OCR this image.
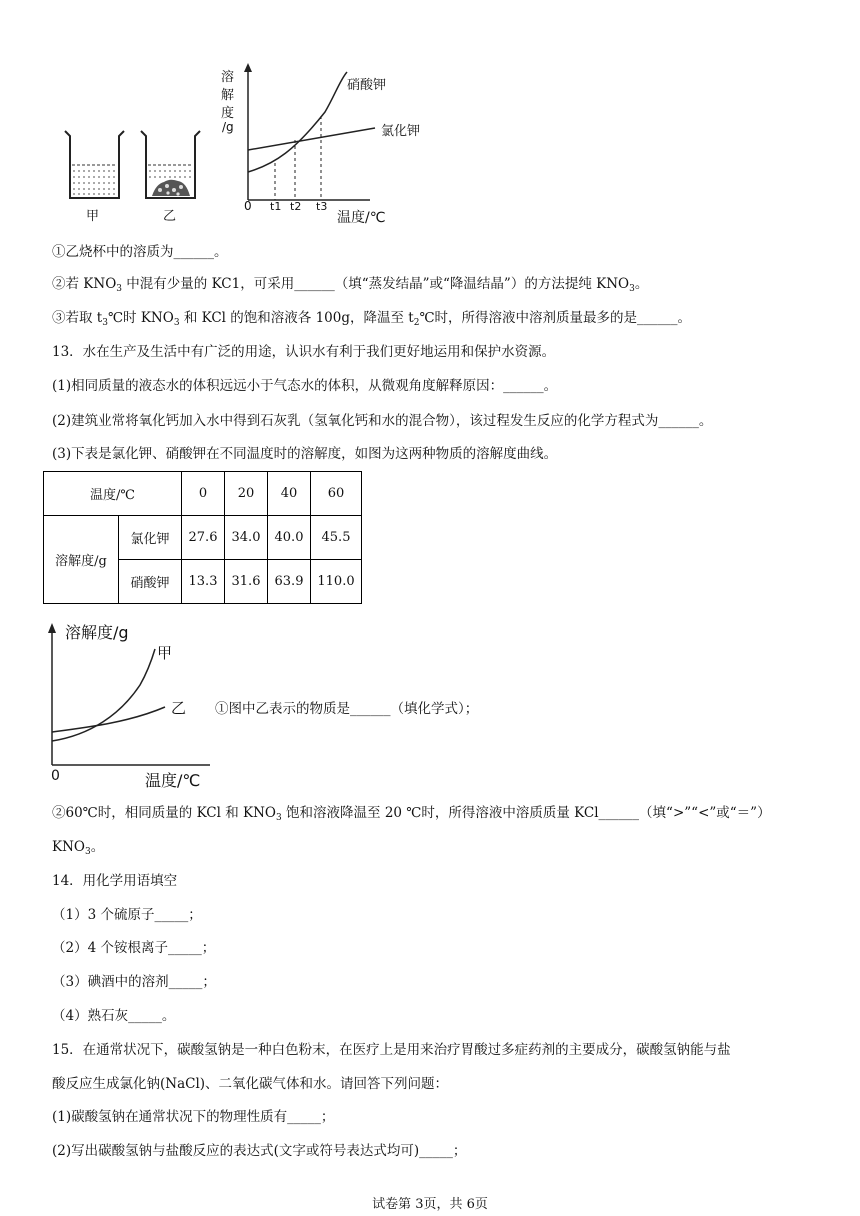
甲	乙
溶
解
度
/g
硝酸钾
氯化钾
0 t1 t2 t3
温度/℃
①乙烧杯中的溶质为______。
②若 $KNO_3$ 中混有少量的 KC1，可采用______（填“蒸发结晶”或“降温结晶”）的方法提纯 $KNO_3$。
③若取 $t_3℃$时 $KNO_3$ 和 KCl 的饱和溶液各 100g，降温至 $t_2℃$时，所得溶液中溶剂质量最多的是______。
13．水在生产及生活中有广泛的用途，认识水有利于我们更好地运用和保护水资源。
(1)相同质量的液态水的体积远远小于气态水的体积，从微观角度解释原因：______。
(2)建筑业常将氧化钙加入水中得到石灰乳（氢氧化钙和水的混合物），该过程发生反应的化学方程式为______。
(3)下表是氯化钾、硝酸钾在不同温度时的溶解度，如图为这两种物质的溶解度曲线。
温度/℃		0	20	40	60
溶解度/g	氯化钾	27.6	34.0	40.0	45.5
	硝酸钾	13.3	31.6	63.9	110.0
溶解度/g
甲
乙
0	温度/℃
①图中乙表示的物质是______（填化学式）；
②60℃时，相同质量的 KCl 和 $KNO_3$ 饱和溶液降温至 20 ℃时，所得溶液中溶质质量 KCl______（填“>”“<”或“＝”）
$KNO_3$。
14．用化学用语填空
（1）3 个硫原子_____；
（2）4 个铵根离子_____；
（3）碘酒中的溶剂_____；
（4）熟石灰_____。
15．在通常状况下，碳酸氢钠是一种白色粉末，在医疗上是用来治疗胃酸过多症药剂的主要成分，碳酸氢钠能与盐
酸反应生成氯化钠(NaCl)、二氧化碳气体和水。请回答下列问题：
(1)碳酸氢钠在通常状况下的物理性质有_____；
(2)写出碳酸氢钠与盐酸反应的表达式(文字或符号表达式均可)_____；
试卷第 3页，共 6页
